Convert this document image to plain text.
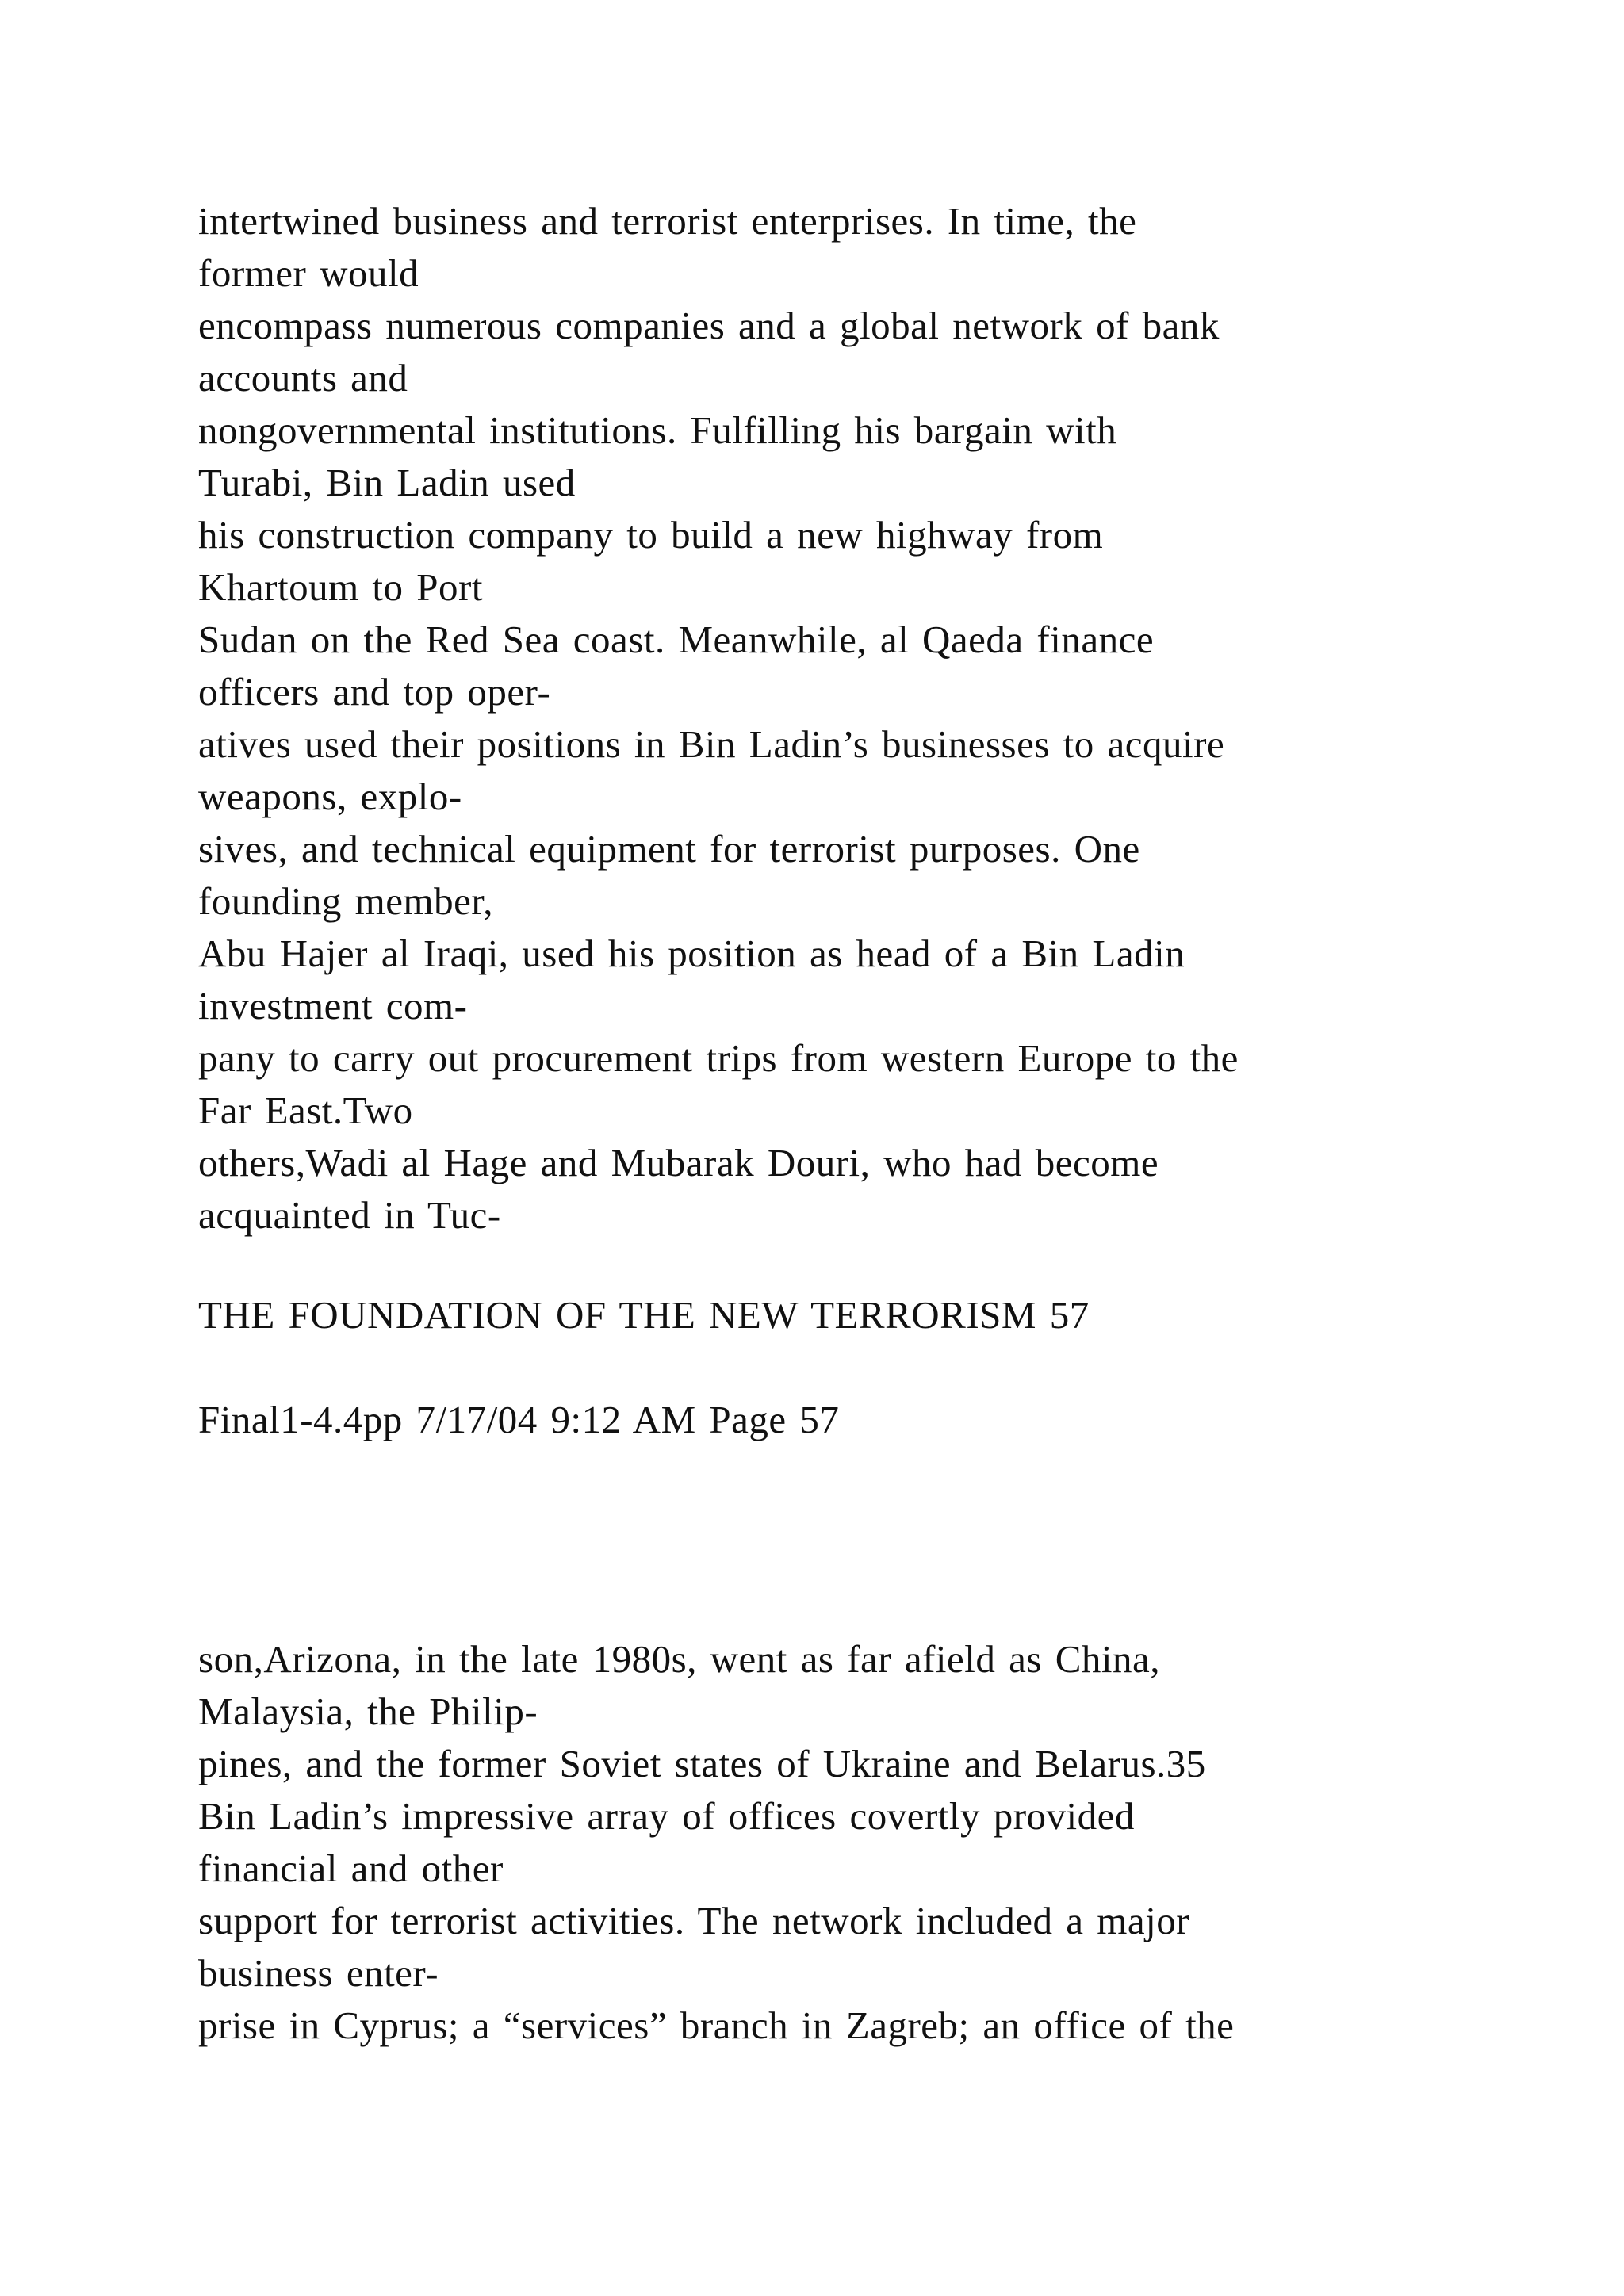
intertwined business and terrorist enterprises. In time, the
former would
encompass numerous companies and a global network of bank
accounts and
nongovernmental institutions. Fulfilling his bargain with
Turabi, Bin Ladin used
his construction company to build a new highway from
Khartoum to Port
Sudan on the Red Sea coast. Meanwhile, al Qaeda finance
officers and top oper-
atives used their positions in Bin Ladin’s businesses to acquire
weapons, explo-
sives, and technical equipment for terrorist purposes. One
founding member,
Abu Hajer al Iraqi, used his position as head of a Bin Ladin
investment com-
pany to carry out procurement trips from western Europe to the
Far East.Two
others,Wadi al Hage and Mubarak Douri, who had become
acquainted in Tuc-
THE FOUNDATION OF THE NEW TERRORISM 57
Final1-4.4pp 7/17/04 9:12 AM Page 57
son,Arizona, in the late 1980s, went as far afield as China,
Malaysia, the Philip-
pines, and the former Soviet states of Ukraine and Belarus.35
Bin Ladin’s impressive array of offices covertly provided
financial and other
support for terrorist activities. The network included a major
business enter-
prise in Cyprus; a “services” branch in Zagreb; an office of the
